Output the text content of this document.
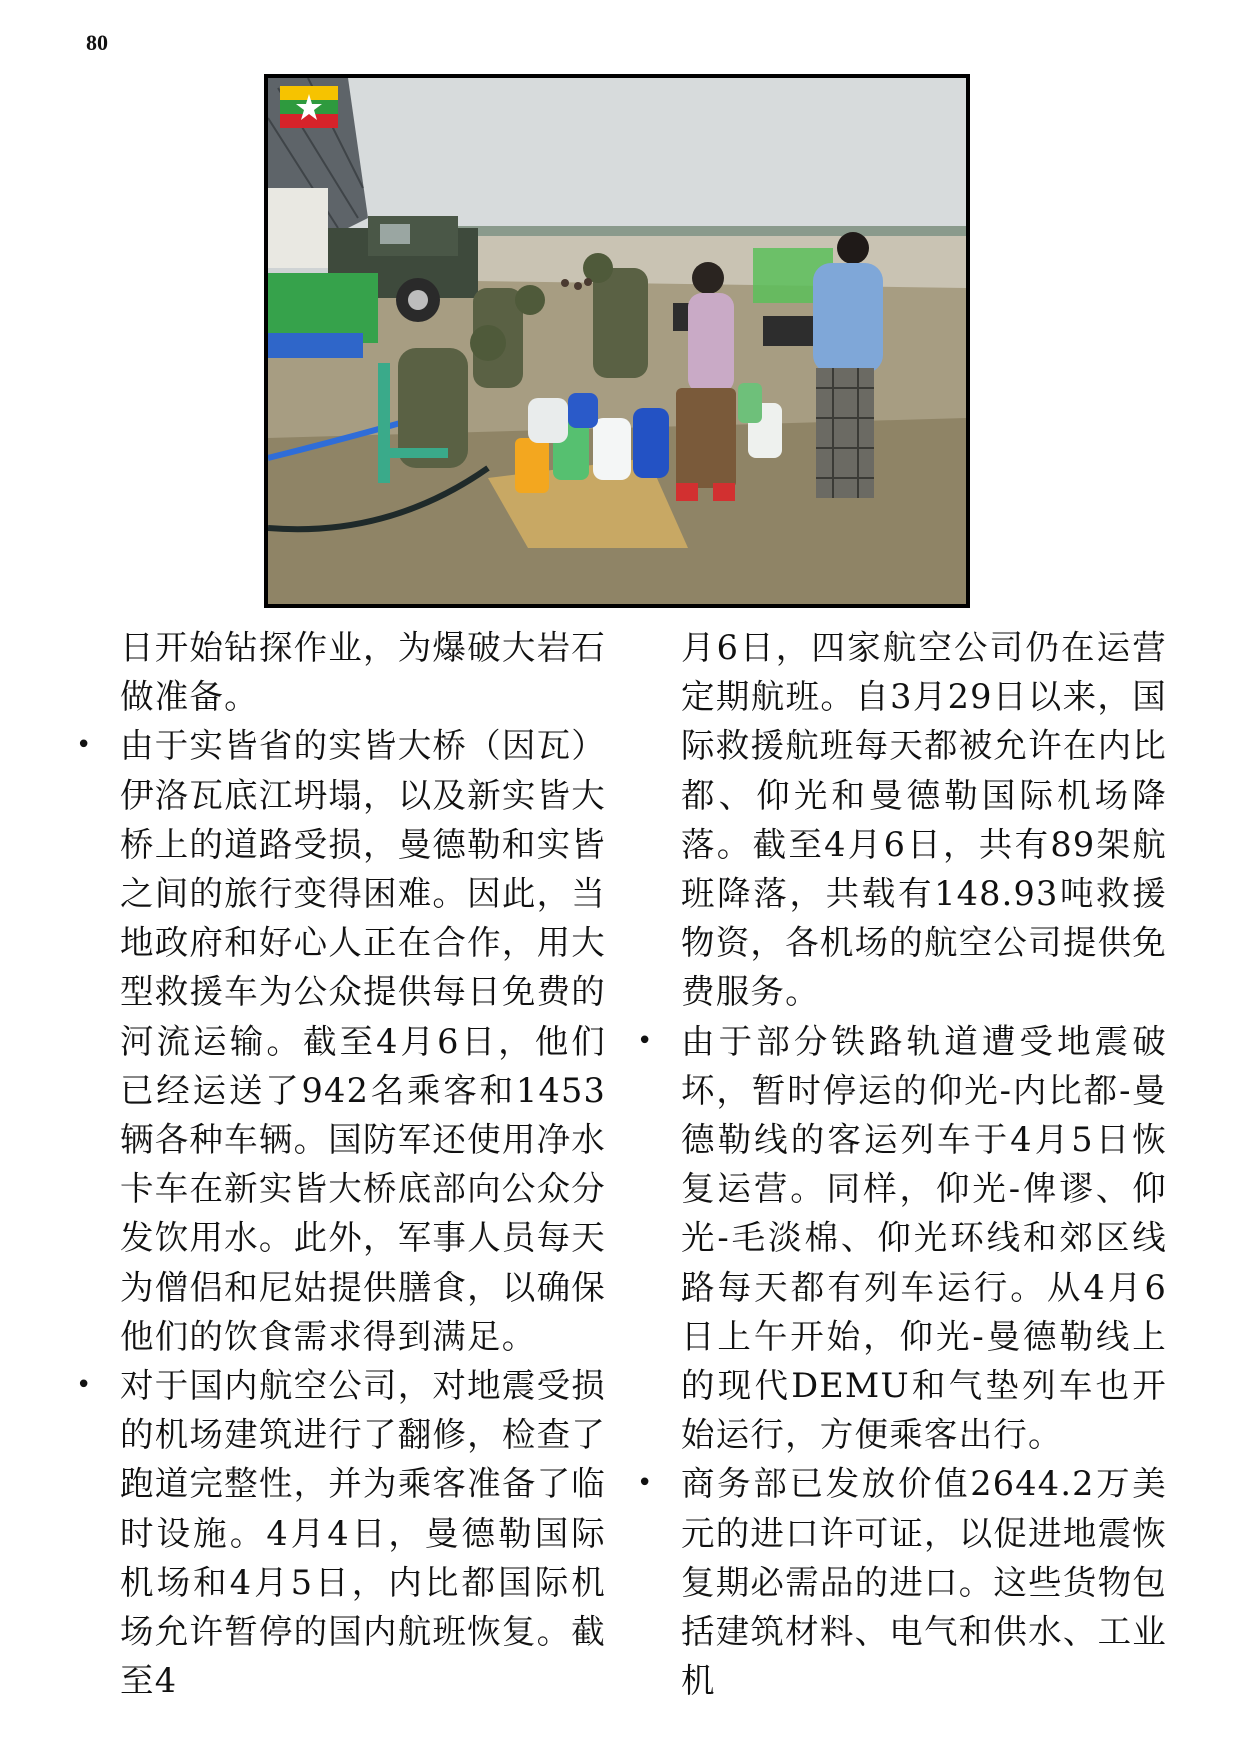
80

日开始钻探作业，为爆破大岩石做准备。

• 由于实皆省的实皆大桥（因瓦）伊洛瓦底江坍塌，以及新实皆大桥上的道路受损，曼德勒和实皆之间的旅行变得困难。因此，当地政府和好心人正在合作，用大型救援车为公众提供每日免费的河流运输。截至4月6日，他们已经运送了942名乘客和1453辆各种车辆。国防军还使用净水卡车在新实皆大桥底部向公众分发饮用水。此外，军事人员每天为僧侣和尼姑提供膳食，以确保他们的饮食需求得到满足。
• 对于国内航空公司，对地震受损的机场建筑进行了翻修，检查了跑道完整性，并为乘客准备了临时设施。4月4日，曼德勒国际机场和4月5日，内比都国际机场允许暂停的国内航班恢复。截至4

月6日，四家航空公司仍在运营定期航班。自3月29日以来，国际救援航班每天都被允许在内比都、仰光和曼德勒国际机场降落。截至4月6日，共有89架航班降落，共载有148.93吨救援物资，各机场的航空公司提供免费服务。

• 由于部分铁路轨道遭受地震破坏，暂时停运的仰光-内比都-曼德勒线的客运列车于4月5日恢复运营。同样，仰光-俾谬、仰光-毛淡棉、仰光环线和郊区线路每天都有列车运行。从4月6日上午开始，仰光-曼德勒线上的现代DEMU和气垫列车也开始运行，方便乘客出行。
• 商务部已发放价值2644.2万美元的进口许可证，以促进地震恢复期必需品的进口。这些货物包括建筑材料、电气和供水、工业机
